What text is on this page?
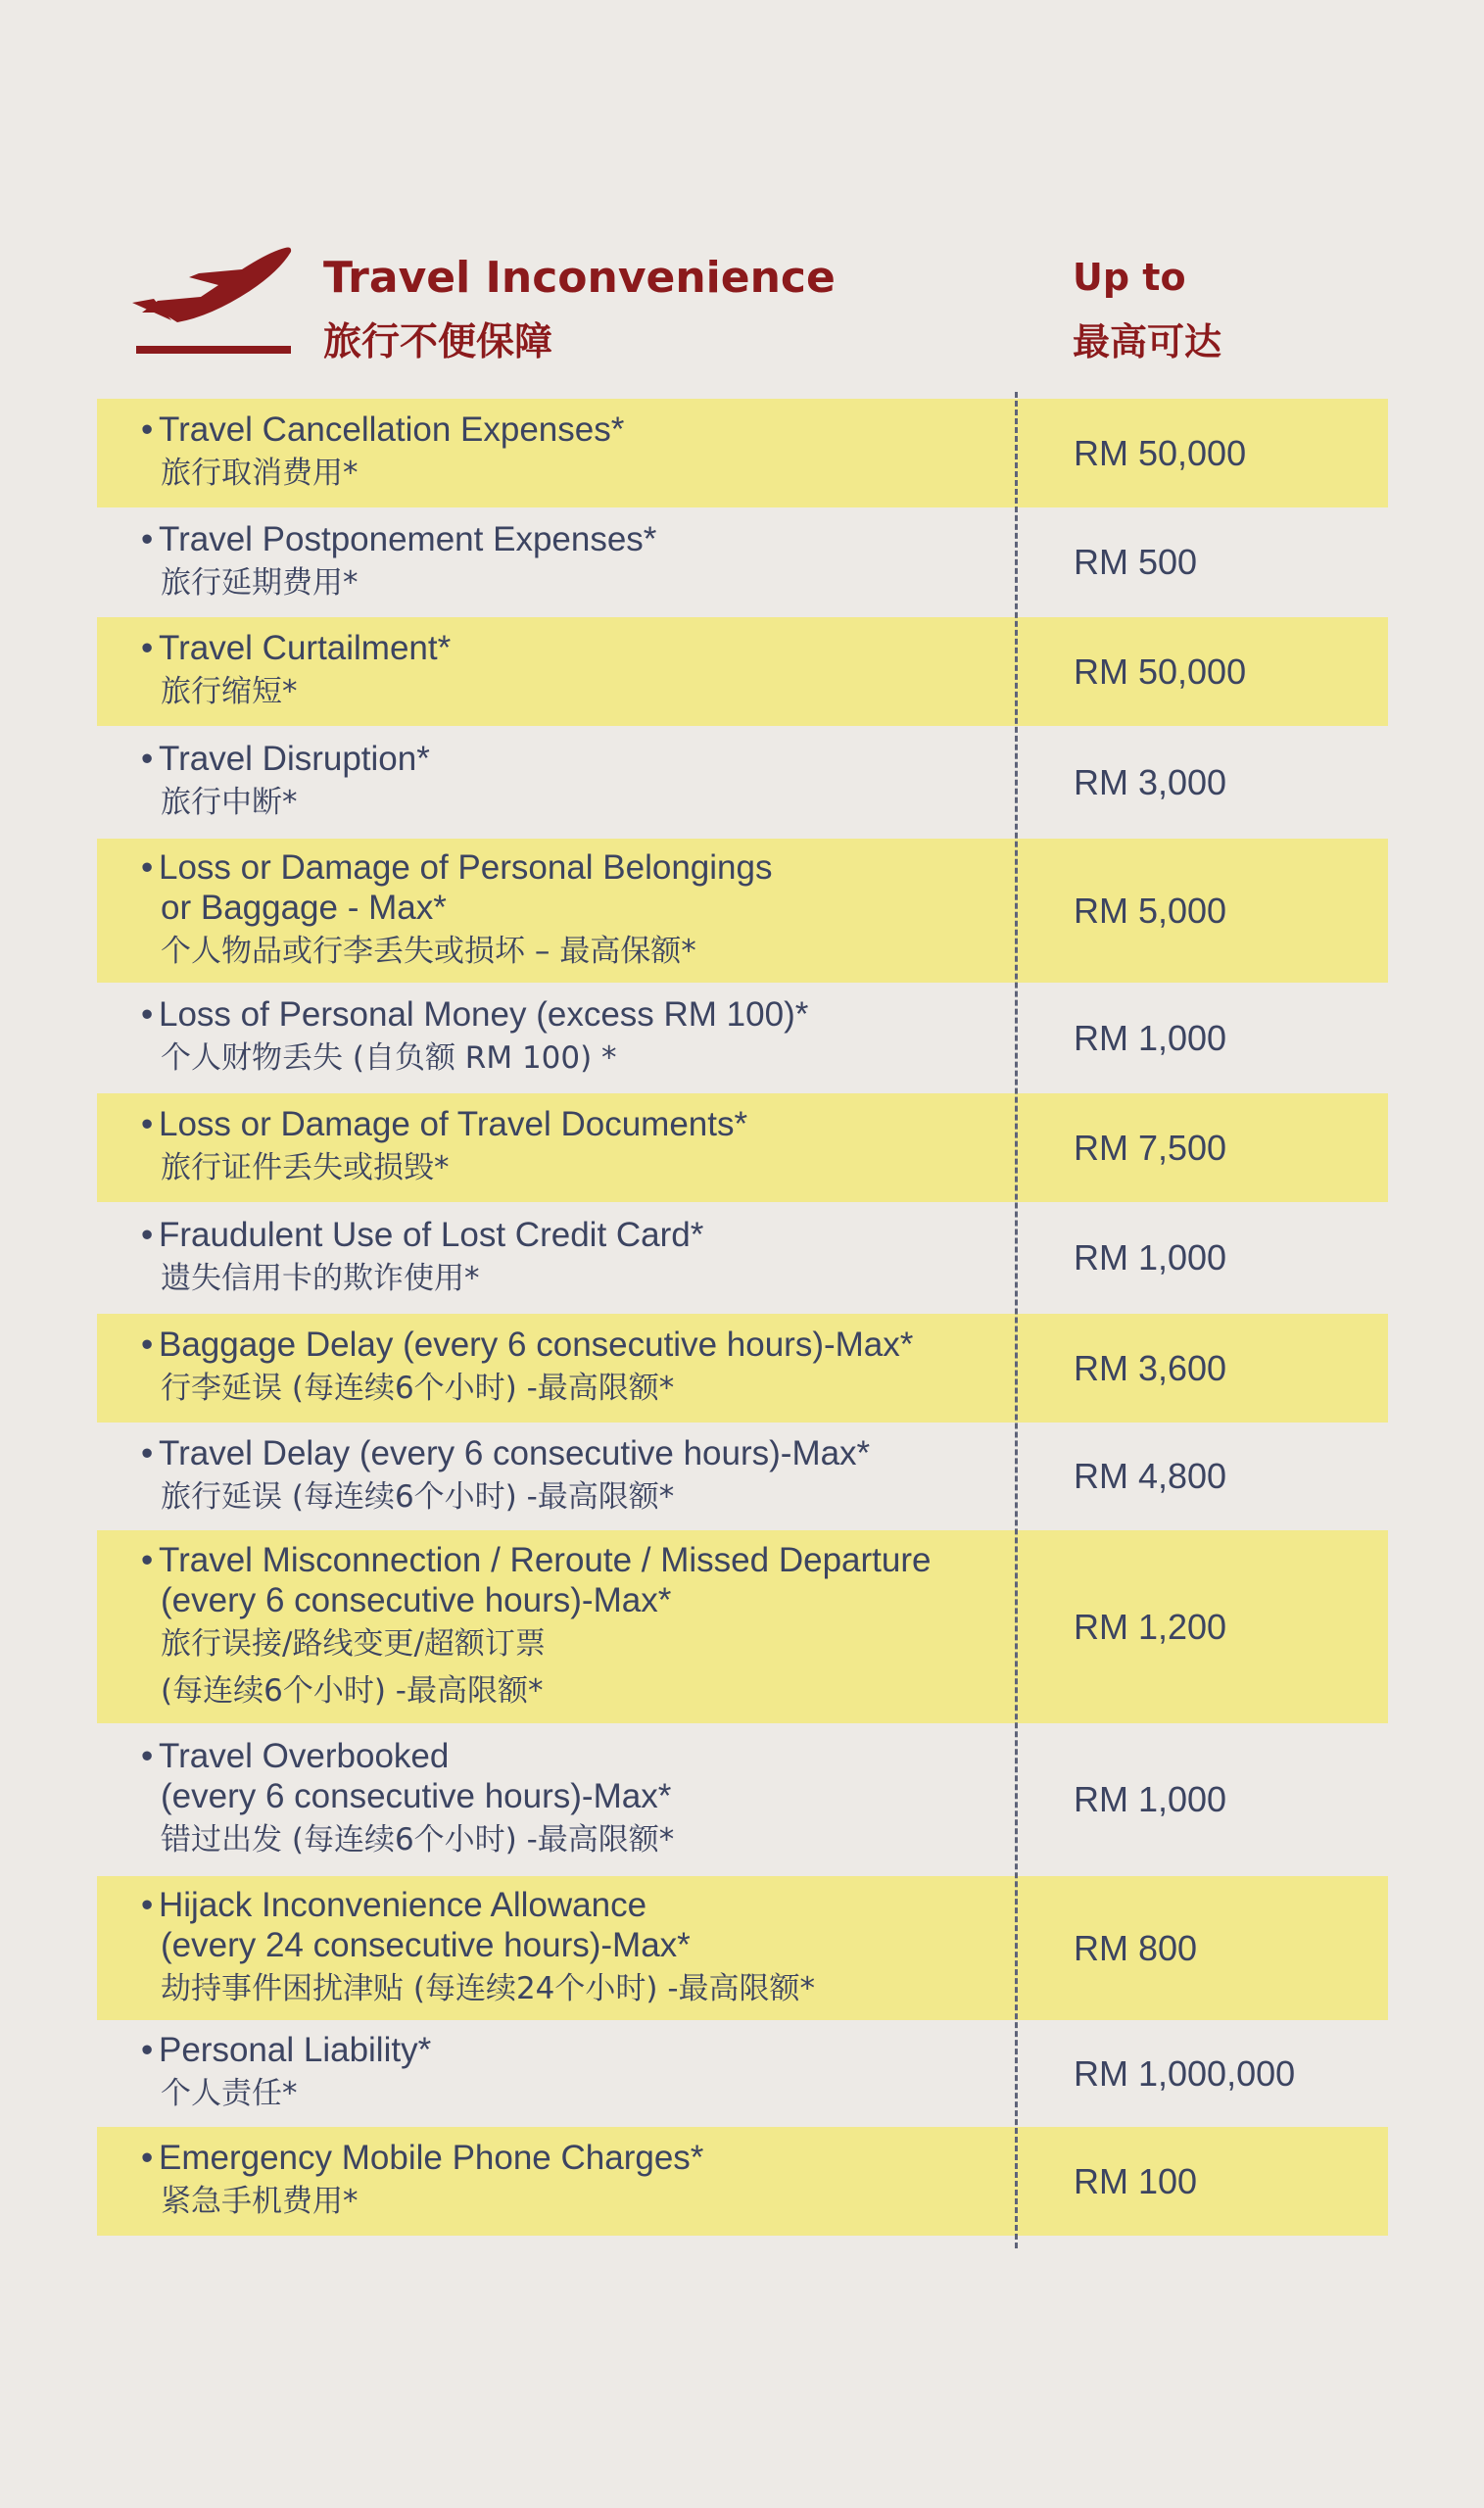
Travel Inconvenience
旅行不便保障
Up to
最高可达
• Travel Cancellation Expenses*
旅行取消费用*
RM 50,000
• Travel Postponement Expenses*
旅行延期费用*
RM 500
• Travel Curtailment*
旅行缩短*
RM 50,000
• Travel Disruption*
旅行中断*
RM 3,000
• Loss or Damage of Personal Belongings
or Baggage - Max*
个人物品或行李丢失或损坏 – 最高保额*
RM 5,000
• Loss of Personal Money (excess RM 100)*
个人财物丢失 (自负额 RM 100) *
RM 1,000
• Loss or Damage of Travel Documents*
旅行证件丢失或损毁*
RM 7,500
• Fraudulent Use of Lost Credit Card*
遗失信用卡的欺诈使用*
RM 1,000
• Baggage Delay (every 6 consecutive hours)-Max*
行李延误 (每连续6个小时) -最高限额*
RM 3,600
• Travel Delay (every 6 consecutive hours)-Max*
旅行延误 (每连续6个小时) -最高限额*
RM 4,800
• Travel Misconnection / Reroute / Missed Departure
(every 6 consecutive hours)-Max*
旅行误接/路线变更/超额订票
(每连续6个小时) -最高限额*
RM 1,200
• Travel Overbooked
(every 6 consecutive hours)-Max*
错过出发 (每连续6个小时) -最高限额*
RM 1,000
• Hijack Inconvenience Allowance
(every 24 consecutive hours)-Max*
劫持事件困扰津贴 (每连续24个小时) -最高限额*
RM 800
• Personal Liability*
个人责任*
RM 1,000,000
• Emergency Mobile Phone Charges*
紧急手机费用*
RM 100
